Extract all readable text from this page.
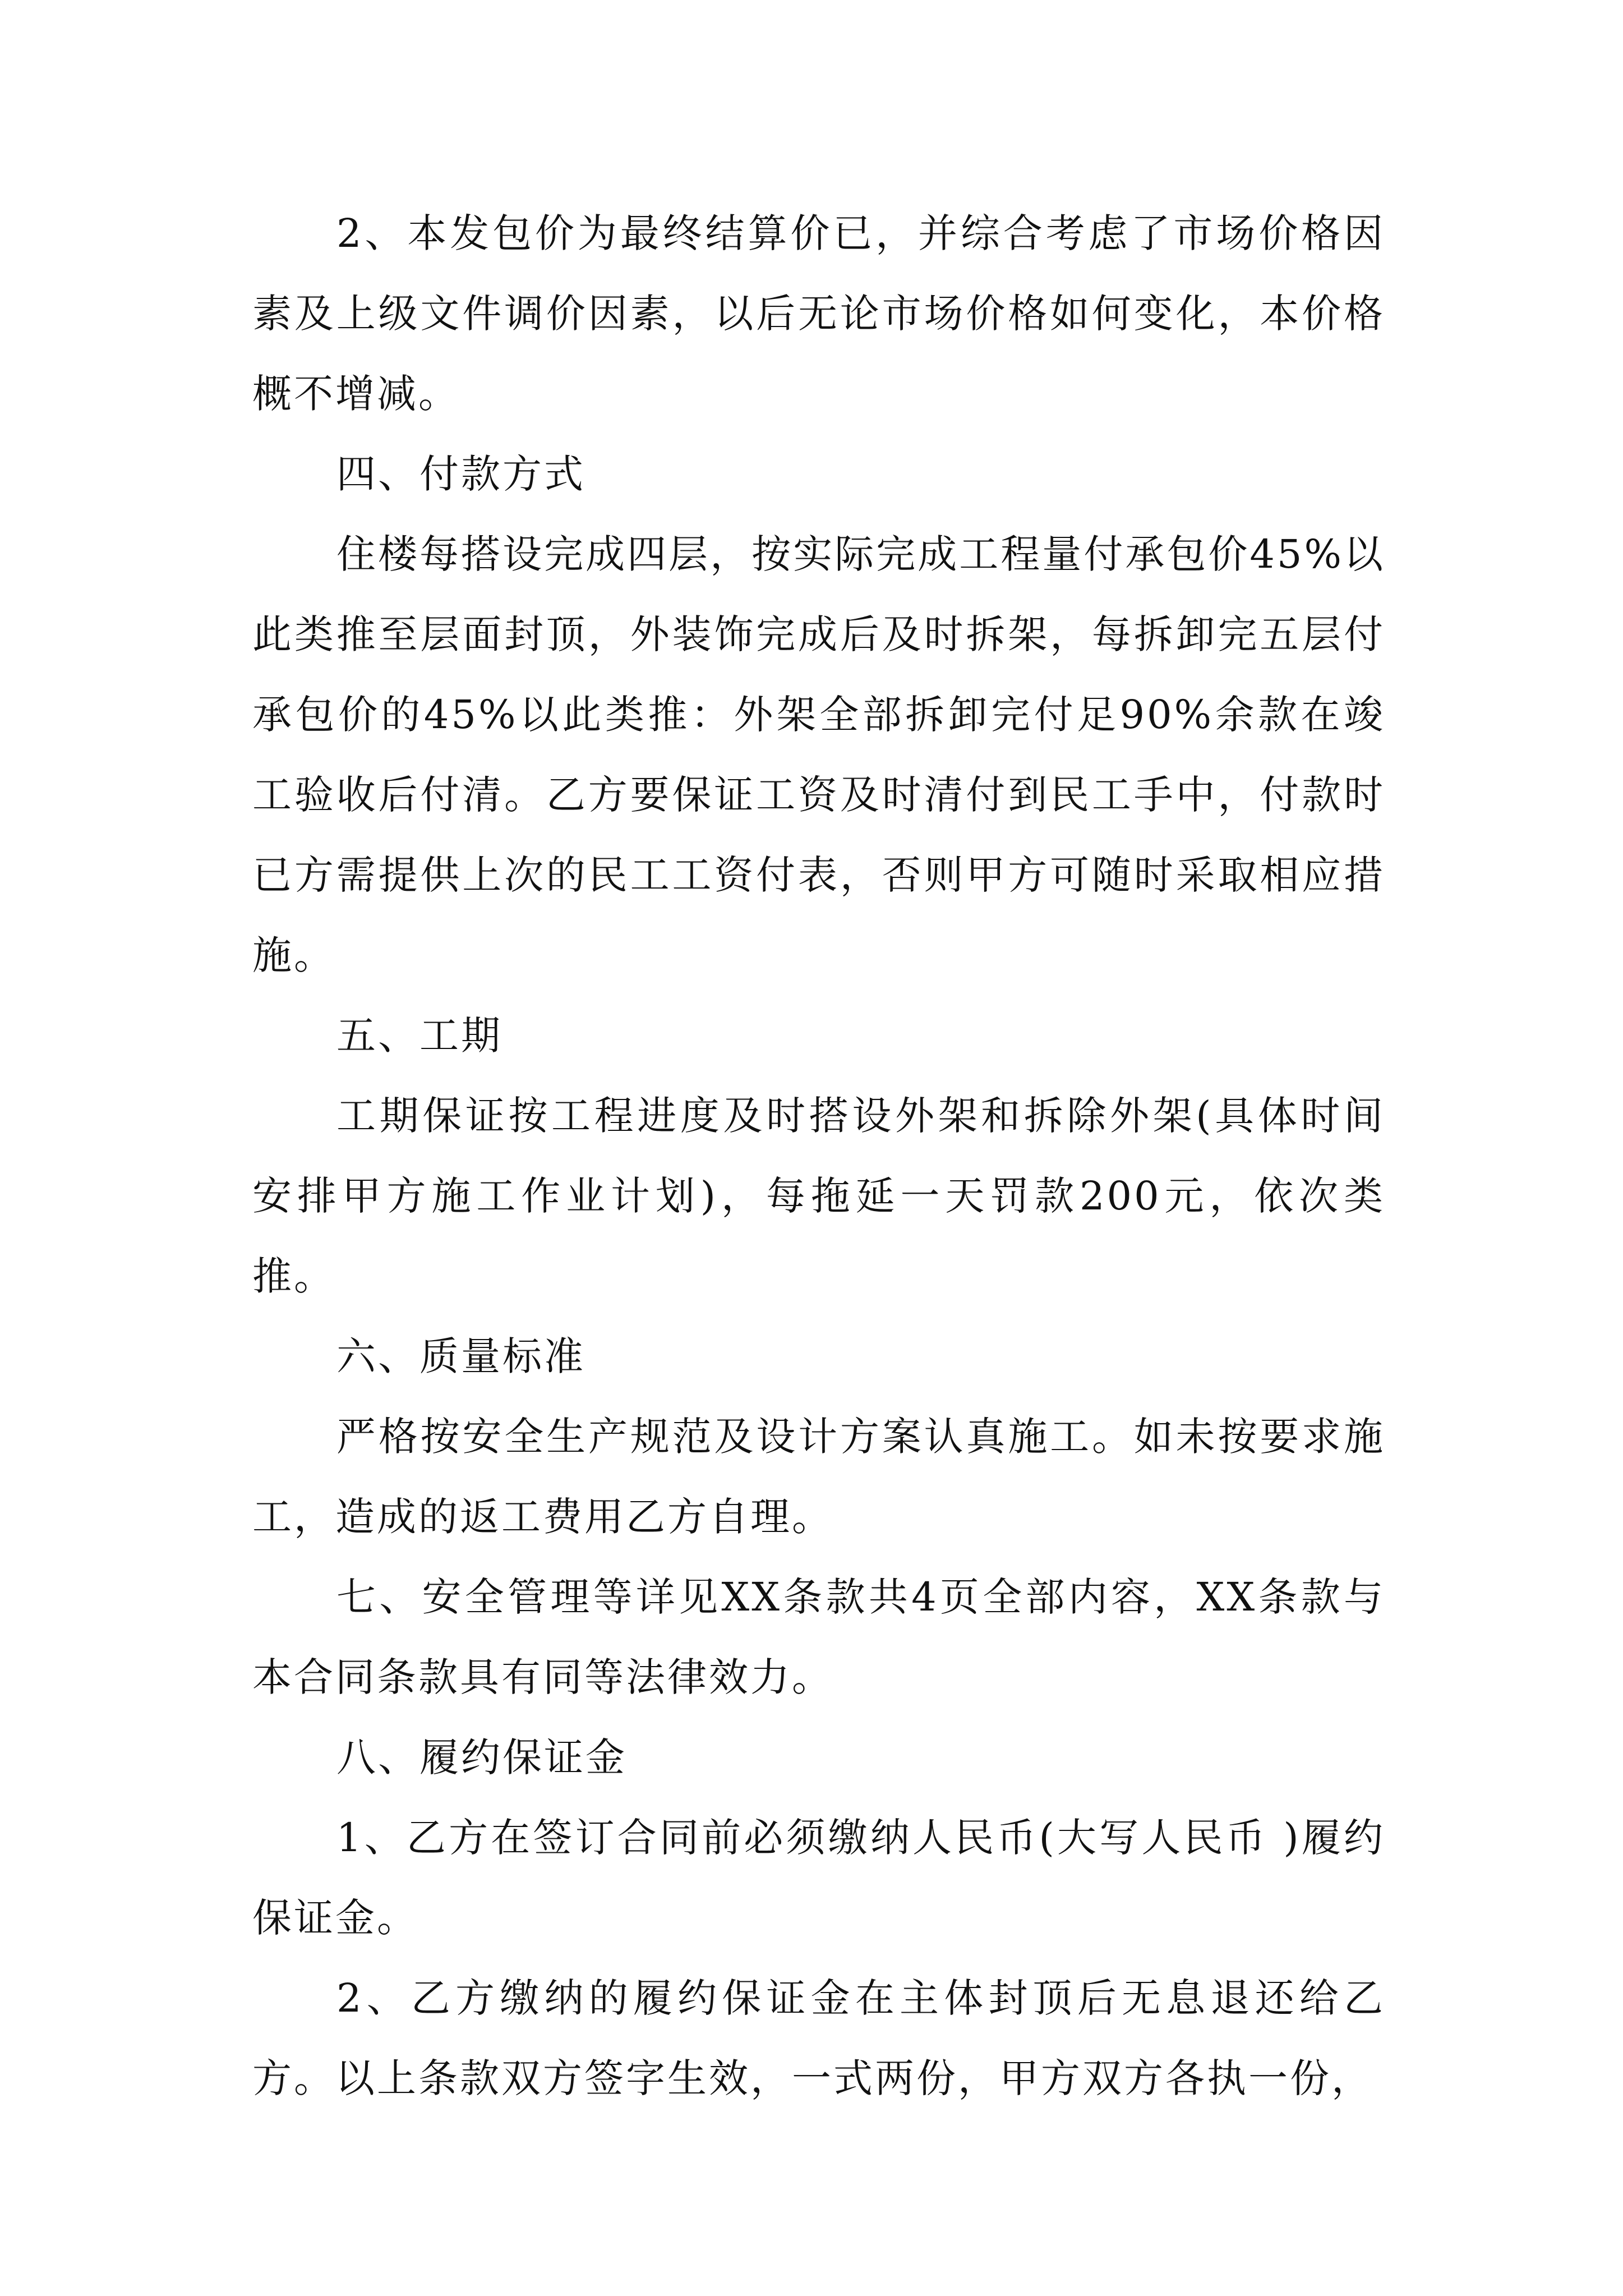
2、本发包价为最终结算价已，并综合考虑了市场价格因素及上级文件调价因素，以后无论市场价格如何变化，本价格概不增减。

四、付款方式

住楼每搭设完成四层，按实际完成工程量付承包价45%以此类推至层面封顶，外装饰完成后及时拆架，每拆卸完五层付承包价的45%以此类推：外架全部拆卸完付足90%余款在竣工验收后付清。乙方要保证工资及时清付到民工手中，付款时已方需提供上次的民工工资付表，否则甲方可随时采取相应措施。

五、工期

工期保证按工程进度及时搭设外架和拆除外架(具体时间安排甲方施工作业计划)，每拖延一天罚款200元，依次类推。

六、质量标准

严格按安全生产规范及设计方案认真施工。如未按要求施工，造成的返工费用乙方自理。

七、安全管理等详见XX条款共4页全部内容，XX条款与本合同条款具有同等法律效力。

八、履约保证金

1、乙方在签订合同前必须缴纳人民币(大写人民币 )履约保证金。

2、乙方缴纳的履约保证金在主体封顶后无息退还给乙方。以上条款双方签字生效，一式两份，甲方双方各执一份，
